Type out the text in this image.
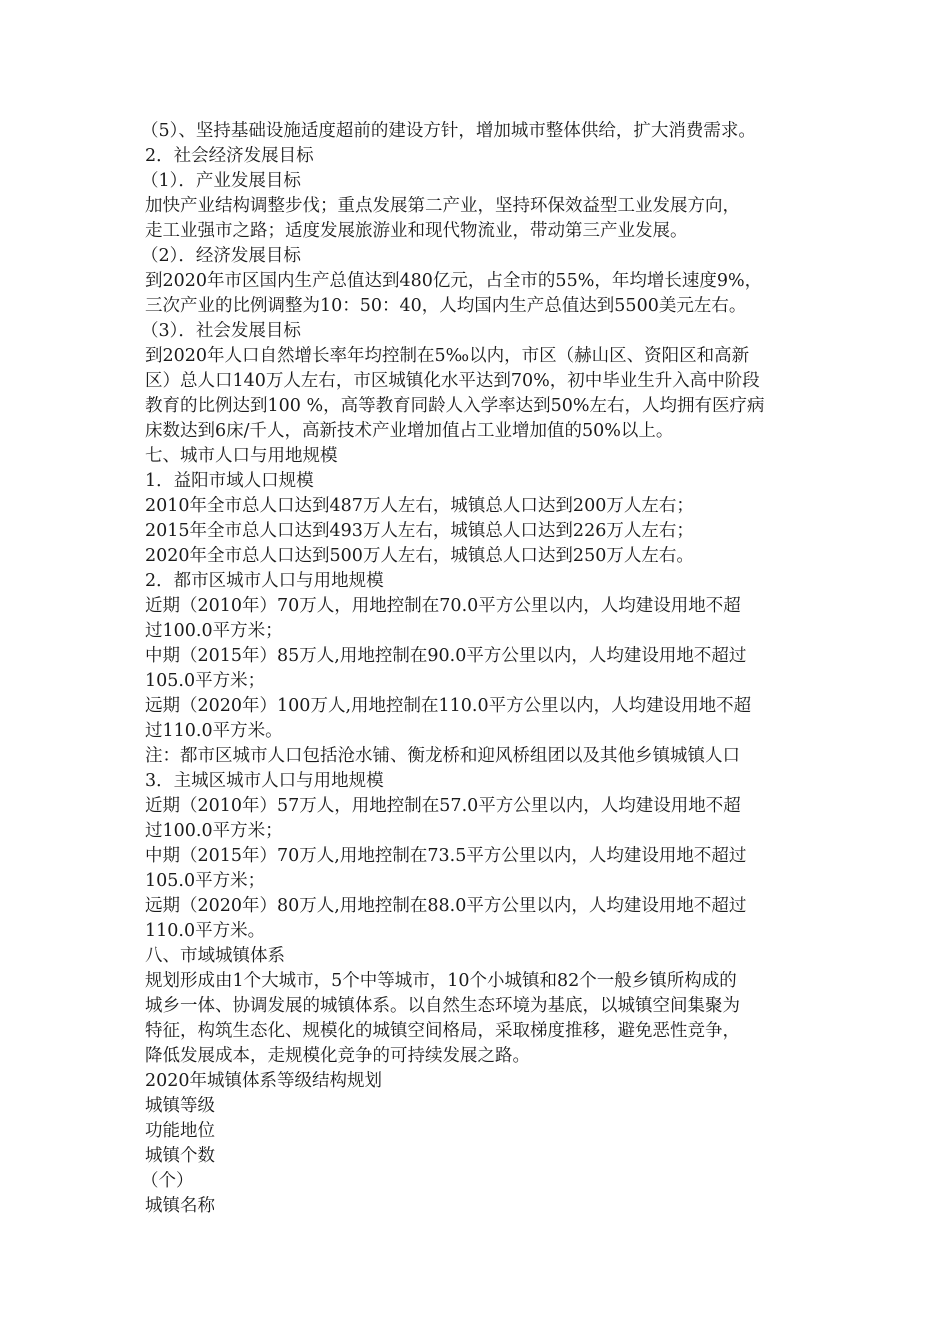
（5）、坚持基础设施适度超前的建设方针，增加城市整体供给，扩大消费需求。
2．社会经济发展目标
（1）．产业发展目标
加快产业结构调整步伐；重点发展第二产业，坚持环保效益型工业发展方向，
走工业强市之路；适度发展旅游业和现代物流业，带动第三产业发展。
（2）．经济发展目标
到2020年市区国内生产总值达到480亿元，占全市的55%，年均增长速度9%，
三次产业的比例调整为10：50：40，人均国内生产总值达到5500美元左右。
（3）．社会发展目标
到2020年人口自然增长率年均控制在5‰以内，市区（赫山区、资阳区和高新
区）总人口140万人左右，市区城镇化水平达到70%，初中毕业生升入高中阶段
教育的比例达到100 %，高等教育同龄人入学率达到50%左右，人均拥有医疗病
床数达到6床/千人，高新技术产业增加值占工业增加值的50%以上。
七、城市人口与用地规模
1．益阳市域人口规模
2010年全市总人口达到487万人左右，城镇总人口达到200万人左右；
2015年全市总人口达到493万人左右，城镇总人口达到226万人左右；
2020年全市总人口达到500万人左右，城镇总人口达到250万人左右。
2．都市区城市人口与用地规模
近期（2010年）70万人，用地控制在70.0平方公里以内，人均建设用地不超
过100.0平方米；
中期（2015年）85万人,用地控制在90.0平方公里以内，人均建设用地不超过
105.0平方米；
远期（2020年）100万人,用地控制在110.0平方公里以内，人均建设用地不超
过110.0平方米。
注：都市区城市人口包括沧水铺、衡龙桥和迎风桥组团以及其他乡镇城镇人口
3．主城区城市人口与用地规模
近期（2010年）57万人，用地控制在57.0平方公里以内，人均建设用地不超
过100.0平方米；
中期（2015年）70万人,用地控制在73.5平方公里以内，人均建设用地不超过
105.0平方米；
远期（2020年）80万人,用地控制在88.0平方公里以内，人均建设用地不超过
110.0平方米。
八、市域城镇体系
规划形成由1个大城市，5个中等城市，10个小城镇和82个一般乡镇所构成的
城乡一体、协调发展的城镇体系。以自然生态环境为基底，以城镇空间集聚为
特征，构筑生态化、规模化的城镇空间格局，采取梯度推移，避免恶性竞争，
降低发展成本，走规模化竞争的可持续发展之路。
2020年城镇体系等级结构规划
城镇等级
功能地位
城镇个数
（个）
城镇名称
